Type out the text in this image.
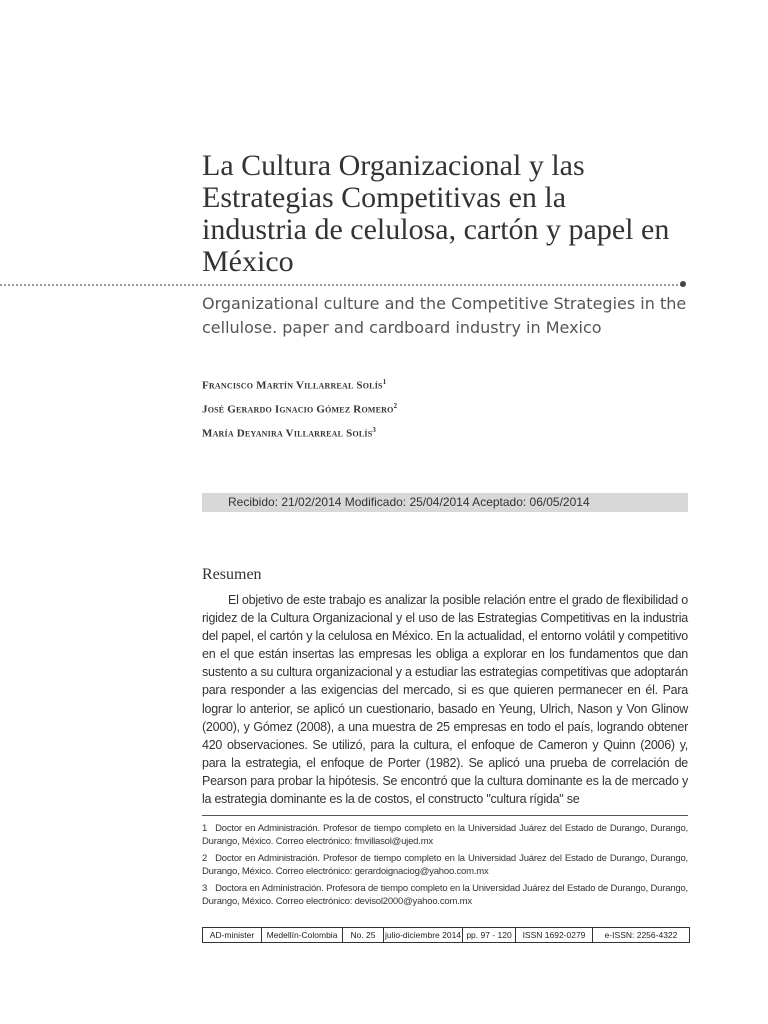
La Cultura Organizacional y las Estrategias Competitivas en la industria de celulosa, cartón y papel en México
Organizational culture and the Competitive Strategies in the cellulose. paper and cardboard industry in Mexico
Francisco Martín Villarreal Solís$^1$
José Gerardo Ignacio Gómez Romero$^2$
María Deyanira Villarreal Solís$^3$
Recibido: 21/02/2014 Modificado: 25/04/2014 Aceptado: 06/05/2014
Resumen

El objetivo de este trabajo es analizar la posible relación entre el grado de flexibilidad o rigidez de la Cultura Organizacional y el uso de las Estrategias Competitivas en la industria del papel, el cartón y la celulosa en México. En la actualidad, el entorno volátil y competitivo en el que están insertas las empresas les obliga a explorar en los fundamentos que dan sustento a su cultura organizacional y a estudiar las estrategias competitivas que adoptarán para responder a las exigencias del mercado, si es que quieren permanecer en él. Para lograr lo anterior, se aplicó un cuestionario, basado en Yeung, Ulrich, Nason y Von Glinow (2000), y Gómez (2008), a una muestra de 25 empresas en todo el país, logrando obtener 420 observaciones. Se utilizó, para la cultura, el enfoque de Cameron y Quinn (2006) y, para la estrategia, el enfoque de Porter (1982). Se aplicó una prueba de correlación de Pearson para probar la hipótesis. Se encontró que la cultura dominante es la de mercado y la estrategia dominante es la de costos, el constructo "cultura rígida" se

1 Doctor en Administración. Profesor de tiempo completo en la Universidad Juárez del Estado de Durango, Durango, Durango, México. Correo electrónico: fmvillasol@ujed.mx
2 Doctor en Administración. Profesor de tiempo completo en la Universidad Juárez del Estado de Durango, Durango, Durango, México. Correo electrónico: gerardoignaciog@yahoo.com.mx
3 Doctora en Administración. Profesora de tiempo completo en la Universidad Juárez del Estado de Durango, Durango, Durango, México. Correo electrónico: devisol2000@yahoo.com.mx
AD-minister	Medellín-Colombia	No. 25	julio-diciembre 2014 pp. 97 - 120	ISSN 1692-0279	e-ISSN: 2256-4322
